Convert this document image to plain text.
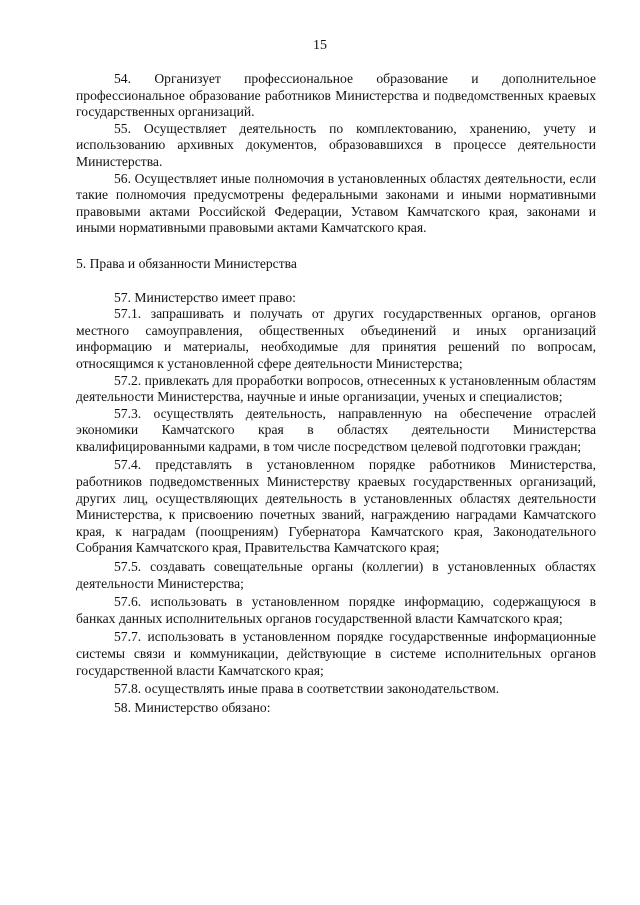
15

54. Организует профессиональное образование и дополнительное профессиональное образование работников Министерства и подведомственных краевых государственных организаций.

55. Осуществляет деятельность по комплектованию, хранению, учету и использованию архивных документов, образовавшихся в процессе деятельности Министерства.

56. Осуществляет иные полномочия в установленных областях деятельности, если такие полномочия предусмотрены федеральными законами и иными нормативными правовыми актами Российской Федерации, Уставом Камчатского края, законами и иными нормативными правовыми актами Камчатского края.

5. Права и обязанности Министерства

57. Министерство имеет право:

57.1. запрашивать и получать от других государственных органов, органов местного самоуправления, общественных объединений и иных организаций информацию и материалы, необходимые для принятия решений по вопросам, относящимся к установленной сфере деятельности Министерства;

57.2. привлекать для проработки вопросов, отнесенных к установленным областям деятельности Министерства, научные и иные организации, ученых и специалистов;

57.3. осуществлять деятельность, направленную на обеспечение отраслей экономики Камчатского края в областях деятельности Министерства квалифицированными кадрами, в том числе посредством целевой подготовки граждан;

57.4. представлять в установленном порядке работников Министерства, работников подведомственных Министерству краевых государственных организаций, других лиц, осуществляющих деятельность в установленных областях деятельности Министерства, к присвоению почетных званий, награждению наградами Камчатского края, к наградам (поощрениям) Губернатора Камчатского края, Законодательного Собрания Камчатского края, Правительства Камчатского края;

57.5. создавать совещательные органы (коллегии) в установленных областях деятельности Министерства;

57.6. использовать в установленном порядке информацию, содержащуюся в банках данных исполнительных органов государственной власти Камчатского края;

57.7. использовать в установленном порядке государственные информационные системы связи и коммуникации, действующие в системе исполнительных органов государственной власти Камчатского края;

57.8. осуществлять иные права в соответствии законодательством.

58. Министерство обязано:
